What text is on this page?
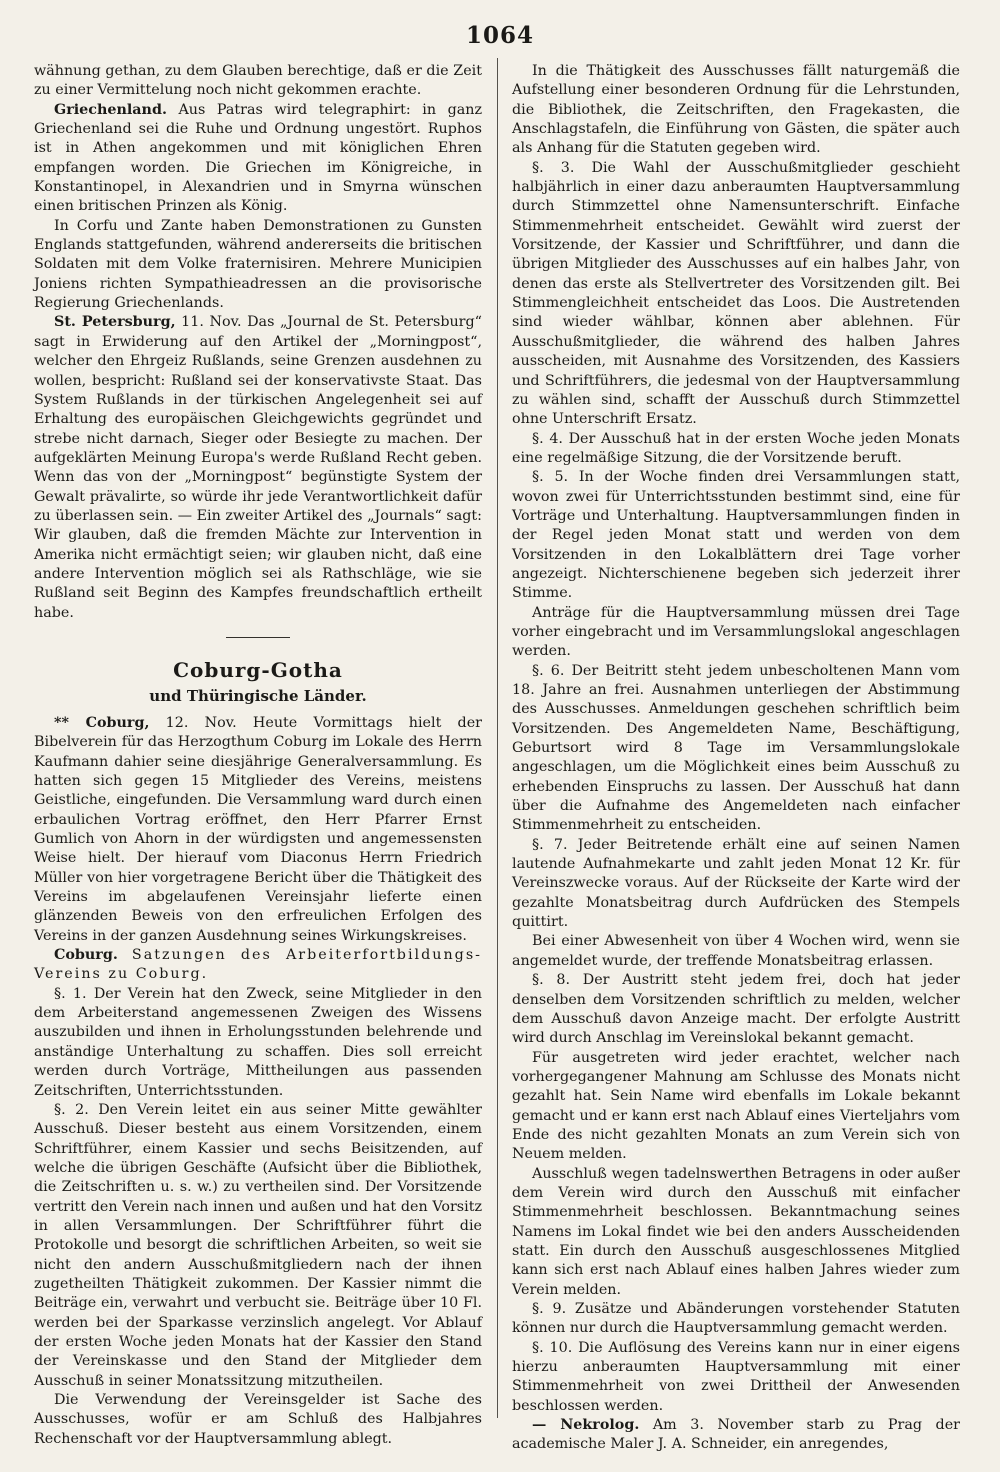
1064

wähnung gethan, zu dem Glauben berechtige, daß er die Zeit zu einer Vermittelung noch nicht gekommen erachte.

Griechenland. Aus Patras wird telegraphirt: in ganz Griechenland sei die Ruhe und Ordnung ungestört. Ruphos ist in Athen angekommen und mit königlichen Ehren empfangen worden. Die Griechen im Königreiche, in Konstantinopel, in Alexandrien und in Smyrna wünschen einen britischen Prinzen als König.

In Corfu und Zante haben Demonstrationen zu Gunsten Englands stattgefunden, während andererseits die britischen Soldaten mit dem Volke fraternisiren. Mehrere Municipien Joniens richten Sympathieadressen an die provisorische Regierung Griechenlands.

St. Petersburg, 11. Nov. Das „Journal de St. Petersburg“ sagt in Erwiderung auf den Artikel der „Morningpost“, welcher den Ehrgeiz Rußlands, seine Grenzen ausdehnen zu wollen, bespricht: Rußland sei der konservativste Staat. Das System Rußlands in der türkischen Angelegenheit sei auf Erhaltung des europäischen Gleichgewichts gegründet und strebe nicht darnach, Sieger oder Besiegte zu machen. Der aufgeklärten Meinung Europa's werde Rußland Recht geben. Wenn das von der „Morningpost“ begünstigte System der Gewalt prävalirte, so würde ihr jede Verantwortlichkeit dafür zu überlassen sein. — Ein zweiter Artikel des „Journals“ sagt: Wir glauben, daß die fremden Mächte zur Intervention in Amerika nicht ermächtigt seien; wir glauben nicht, daß eine andere Intervention möglich sei als Rathschläge, wie sie Rußland seit Beginn des Kampfes freundschaftlich ertheilt habe.

Coburg-Gotha
und Thüringische Länder.

** Coburg, 12. Nov. Heute Vormittags hielt der Bibelverein für das Herzogthum Coburg im Lokale des Herrn Kaufmann dahier seine diesjährige Generalversammlung. Es hatten sich gegen 15 Mitglieder des Vereins, meistens Geistliche, eingefunden. Die Versammlung ward durch einen erbaulichen Vortrag eröffnet, den Herr Pfarrer Ernst Gumlich von Ahorn in der würdigsten und angemessensten Weise hielt. Der hierauf vom Diaconus Herrn Friedrich Müller von hier vorgetragene Bericht über die Thätigkeit des Vereins im abgelaufenen Vereinsjahr lieferte einen glänzenden Beweis von den erfreulichen Erfolgen des Vereins in der ganzen Ausdehnung seines Wirkungskreises.

Coburg. Satzungen des Arbeiterfortbildungs-Vereins zu Coburg.

§. 1. Der Verein hat den Zweck, seine Mitglieder in den dem Arbeiterstand angemessenen Zweigen des Wissens auszubilden und ihnen in Erholungsstunden belehrende und anständige Unterhaltung zu schaffen. Dies soll erreicht werden durch Vorträge, Mittheilungen aus passenden Zeitschriften, Unterrichtsstunden.

§. 2. Den Verein leitet ein aus seiner Mitte gewählter Ausschuß. Dieser besteht aus einem Vorsitzenden, einem Schriftführer, einem Kassier und sechs Beisitzenden, auf welche die übrigen Geschäfte (Aufsicht über die Bibliothek, die Zeitschriften u. s. w.) zu vertheilen sind. Der Vorsitzende vertritt den Verein nach innen und außen und hat den Vorsitz in allen Versammlungen. Der Schriftführer führt die Protokolle und besorgt die schriftlichen Arbeiten, so weit sie nicht den andern Ausschußmitgliedern nach der ihnen zugetheilten Thätigkeit zukommen. Der Kassier nimmt die Beiträge ein, verwahrt und verbucht sie. Beiträge über 10 Fl. werden bei der Sparkasse verzinslich angelegt. Vor Ablauf der ersten Woche jeden Monats hat der Kassier den Stand der Vereinskasse und den Stand der Mitglieder dem Ausschuß in seiner Monatssitzung mitzutheilen.

Die Verwendung der Vereinsgelder ist Sache des Ausschusses, wofür er am Schluß des Halbjahres Rechenschaft vor der Hauptversammlung ablegt.

In die Thätigkeit des Ausschusses fällt naturgemäß die Aufstellung einer besonderen Ordnung für die Lehrstunden, die Bibliothek, die Zeitschriften, den Fragekasten, die Anschlagstafeln, die Einführung von Gästen, die später auch als Anhang für die Statuten gegeben wird.

§. 3. Die Wahl der Ausschußmitglieder geschieht halbjährlich in einer dazu anberaumten Hauptversammlung durch Stimmzettel ohne Namensunterschrift. Einfache Stimmenmehrheit entscheidet. Gewählt wird zuerst der Vorsitzende, der Kassier und Schriftführer, und dann die übrigen Mitglieder des Ausschusses auf ein halbes Jahr, von denen das erste als Stellvertreter des Vorsitzenden gilt. Bei Stimmengleichheit entscheidet das Loos. Die Austretenden sind wieder wählbar, können aber ablehnen. Für Ausschußmitglieder, die während des halben Jahres ausscheiden, mit Ausnahme des Vorsitzenden, des Kassiers und Schriftführers, die jedesmal von der Hauptversammlung zu wählen sind, schafft der Ausschuß durch Stimmzettel ohne Unterschrift Ersatz.

§. 4. Der Ausschuß hat in der ersten Woche jeden Monats eine regelmäßige Sitzung, die der Vorsitzende beruft.

§. 5. In der Woche finden drei Versammlungen statt, wovon zwei für Unterrichtsstunden bestimmt sind, eine für Vorträge und Unterhaltung. Hauptversammlungen finden in der Regel jeden Monat statt und werden von dem Vorsitzenden in den Lokalblättern drei Tage vorher angezeigt. Nichterschienene begeben sich jederzeit ihrer Stimme.

Anträge für die Hauptversammlung müssen drei Tage vorher eingebracht und im Versammlungslokal angeschlagen werden.

§. 6. Der Beitritt steht jedem unbescholtenen Mann vom 18. Jahre an frei. Ausnahmen unterliegen der Abstimmung des Ausschusses. Anmeldungen geschehen schriftlich beim Vorsitzenden. Des Angemeldeten Name, Beschäftigung, Geburtsort wird 8 Tage im Versammlungslokale angeschlagen, um die Möglichkeit eines beim Ausschuß zu erhebenden Einspruchs zu lassen. Der Ausschuß hat dann über die Aufnahme des Angemeldeten nach einfacher Stimmenmehrheit zu entscheiden.

§. 7. Jeder Beitretende erhält eine auf seinen Namen lautende Aufnahmekarte und zahlt jeden Monat 12 Kr. für Vereinszwecke voraus. Auf der Rückseite der Karte wird der gezahlte Monatsbeitrag durch Aufdrücken des Stempels quittirt.

Bei einer Abwesenheit von über 4 Wochen wird, wenn sie angemeldet wurde, der treffende Monatsbeitrag erlassen.

§. 8. Der Austritt steht jedem frei, doch hat jeder denselben dem Vorsitzenden schriftlich zu melden, welcher dem Ausschuß davon Anzeige macht. Der erfolgte Austritt wird durch Anschlag im Vereinslokal bekannt gemacht.

Für ausgetreten wird jeder erachtet, welcher nach vorhergegangener Mahnung am Schlusse des Monats nicht gezahlt hat. Sein Name wird ebenfalls im Lokale bekannt gemacht und er kann erst nach Ablauf eines Vierteljahrs vom Ende des nicht gezahlten Monats an zum Verein sich von Neuem melden.

Ausschluß wegen tadelnswerthen Betragens in oder außer dem Verein wird durch den Ausschuß mit einfacher Stimmenmehrheit beschlossen. Bekanntmachung seines Namens im Lokal findet wie bei den anders Ausscheidenden statt. Ein durch den Ausschuß ausgeschlossenes Mitglied kann sich erst nach Ablauf eines halben Jahres wieder zum Verein melden.

§. 9. Zusätze und Abänderungen vorstehender Statuten können nur durch die Hauptversammlung gemacht werden.

§. 10. Die Auflösung des Vereins kann nur in einer eigens hierzu anberaumten Hauptversammlung mit einer Stimmenmehrheit von zwei Drittheil der Anwesenden beschlossen werden.

— Nekrolog. Am 3. November starb zu Prag der academische Maler J. A. Schneider, ein anregendes,
